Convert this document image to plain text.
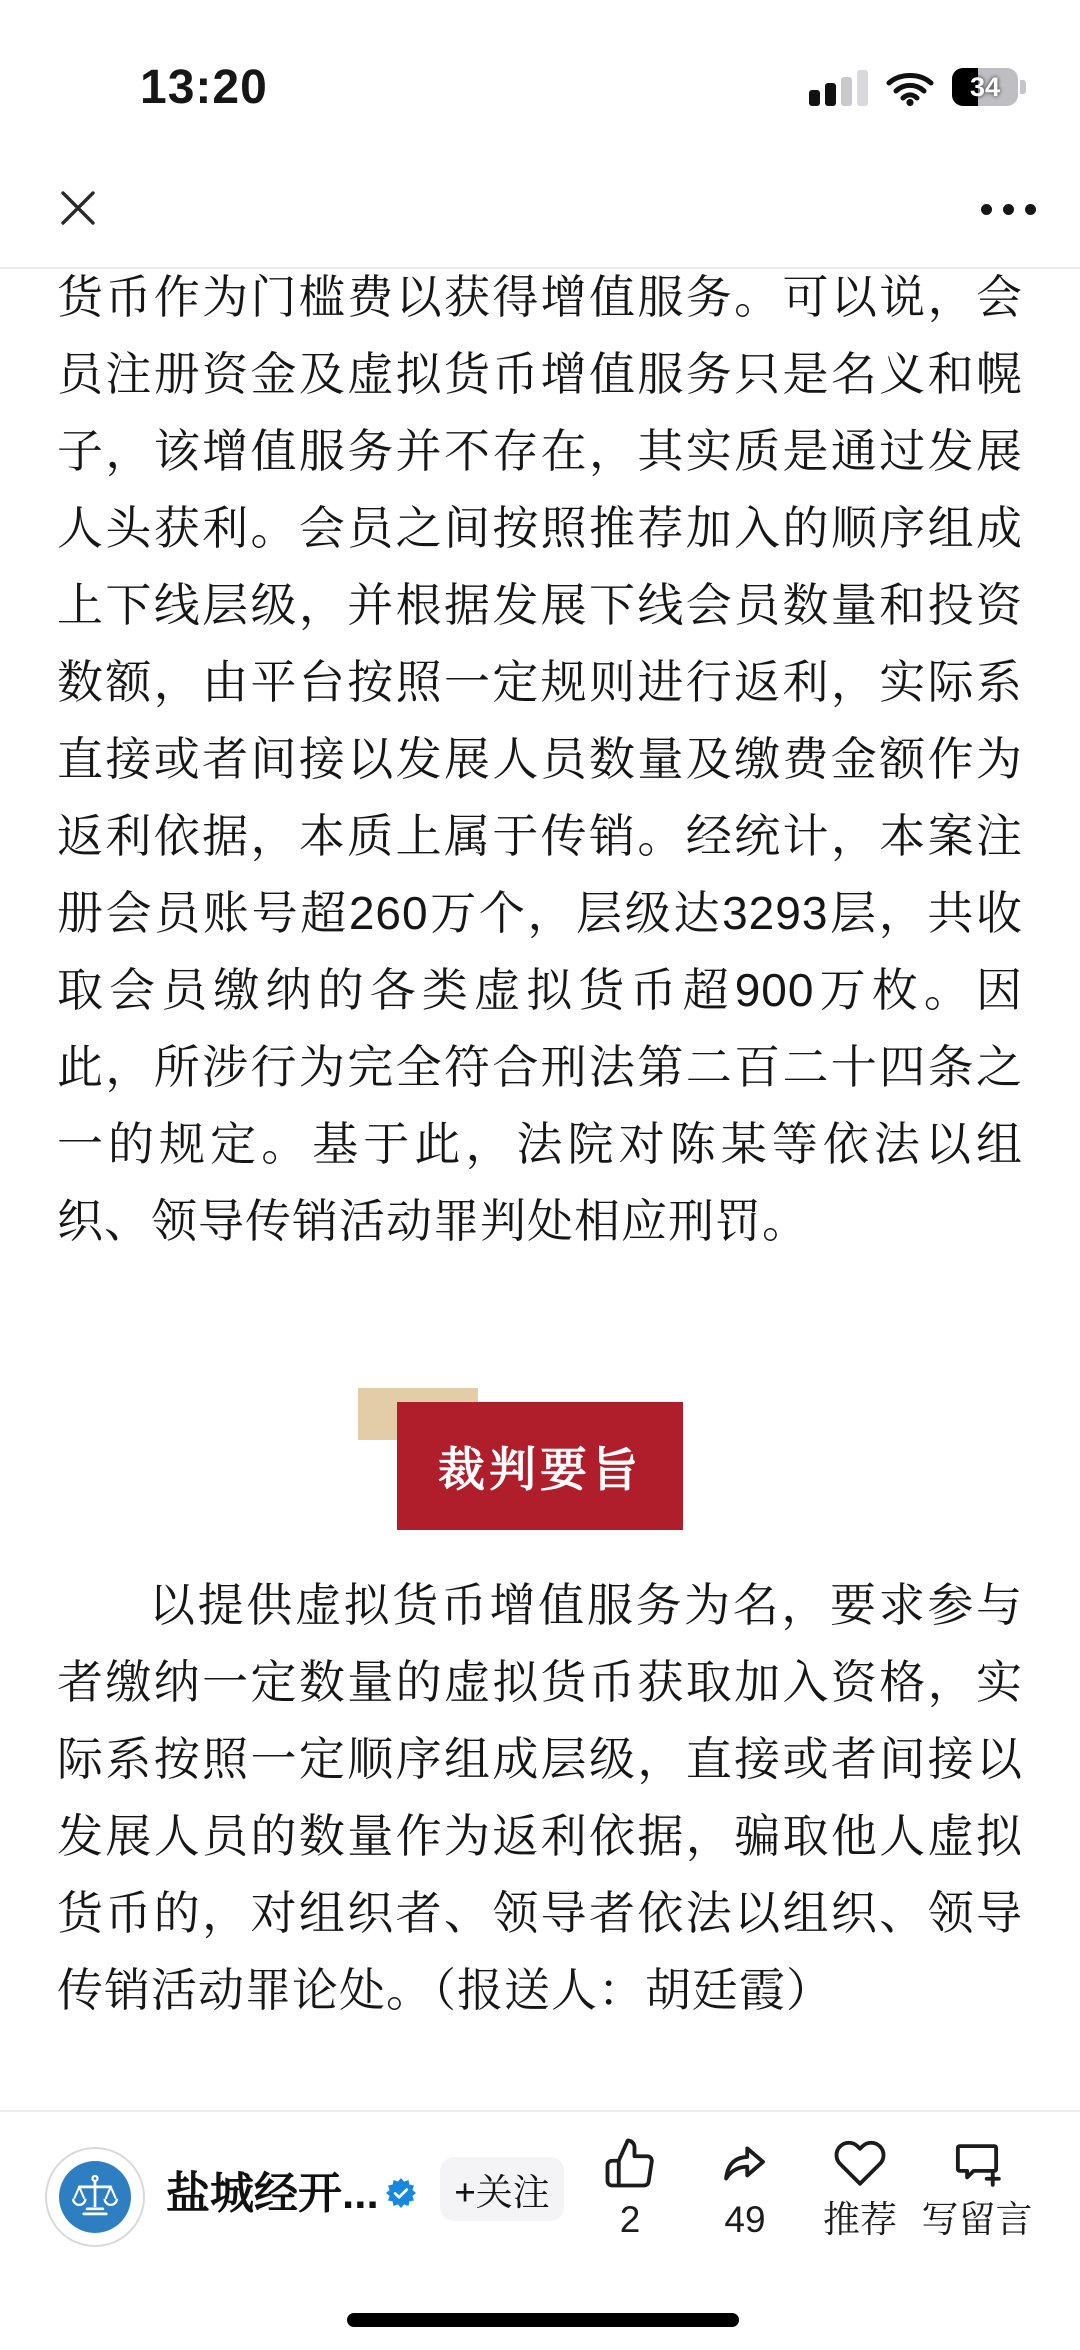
13:20	34

货币作为门槛费以获得增值服务。可以说，会员注册资金及虚拟货币增值服务只是名义和幌子，该增值服务并不存在，其实质是通过发展人头获利。会员之间按照推荐加入的顺序组成上下线层级，并根据发展下线会员数量和投资数额，由平台按照一定规则进行返利，实际系直接或者间接以发展人员数量及缴费金额作为返利依据，本质上属于传销。经统计，本案注册会员账号超260万个，层级达3293层，共收取会员缴纳的各类虚拟货币超900万枚。因此，所涉行为完全符合刑法第二百二十四条之一的规定。基于此，法院对陈某等依法以组织、领导传销活动罪判处相应刑罚。

裁判要旨

以提供虚拟货币增值服务为名，要求参与者缴纳一定数量的虚拟货币获取加入资格，实际系按照一定顺序组成层级，直接或者间接以发展人员的数量作为返利依据，骗取他人虚拟货币的，对组织者、领导者依法以组织、领导传销活动罪论处。（报送人：胡廷霞）

盐城经开... +关注
2 49 推荐 写留言
